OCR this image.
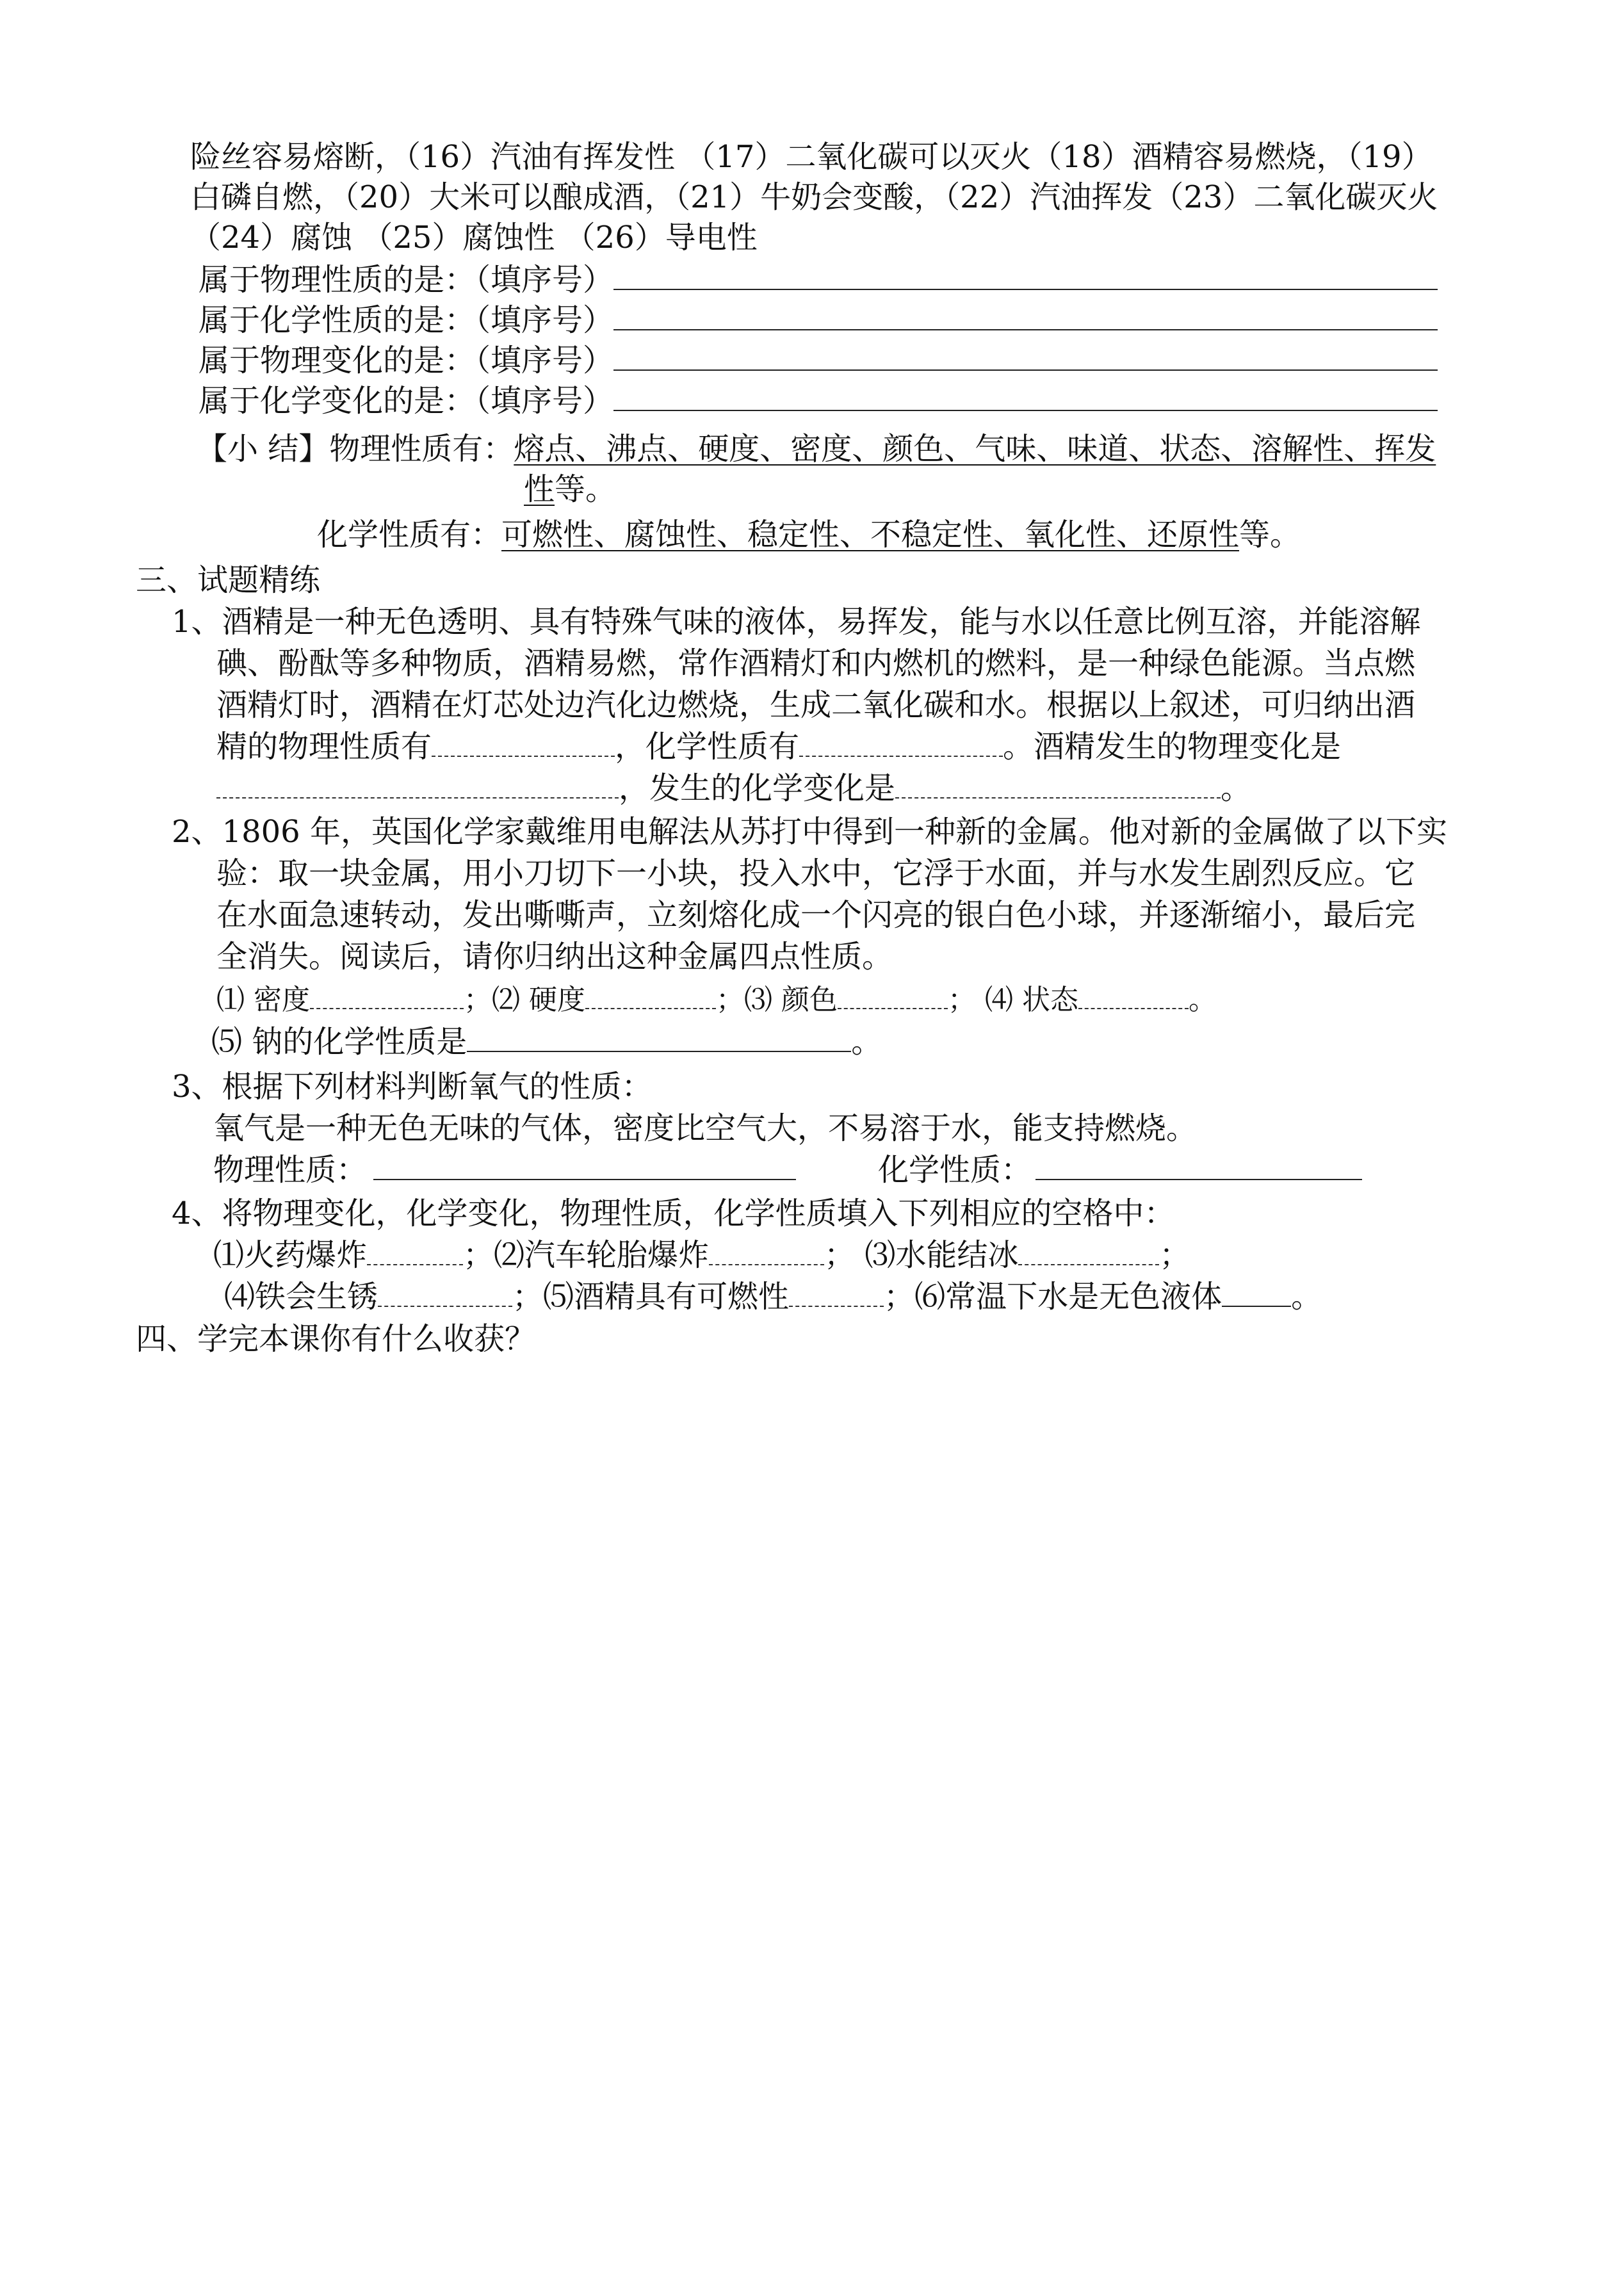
险丝容易熔断，（16）汽油有挥发性 （17）二氧化碳可以灭火（18）酒精容易燃烧，（19）
白磷自燃，（20）大米可以酿成酒，（21）牛奶会变酸，（22）汽油挥发（23）二氧化碳灭火
（24）腐蚀 （25）腐蚀性 （26）导电性
属于物理性质的是：（填序号）
属于化学性质的是：（填序号）
属于物理变化的是：（填序号）
属于化学变化的是：（填序号）
【小 结】物理性质有：熔点、沸点、硬度、密度、颜色、气味、味道、状态、溶解性、挥发
性等。
化学性质有：可燃性、腐蚀性、稳定性、不稳定性、氧化性、还原性等。
三、试题精练
1、酒精是一种无色透明、具有特殊气味的液体，易挥发，能与水以任意比例互溶，并能溶解
碘、酚酞等多种物质，酒精易燃，常作酒精灯和内燃机的燃料，是一种绿色能源。当点燃
酒精灯时，酒精在灯芯处边汽化边燃烧，生成二氧化碳和水。根据以上叙述，可归纳出酒
精的物理性质有	，化学性质有	。酒精发生的物理变化是
，发生的化学变化是	。
2、1806 年，英国化学家戴维用电解法从苏打中得到一种新的金属。他对新的金属做了以下实
验：取一块金属，用小刀切下一小块，投入水中，它浮于水面，并与水发生剧烈反应。它
在水面急速转动，发出嘶嘶声，立刻熔化成一个闪亮的银白色小球，并逐渐缩小，最后完
全消失。阅读后，请你归纳出这种金属四点性质。
⑴ 密度	；⑵ 硬度	；⑶ 颜色	； ⑷ 状态	。
⑸ 钠的化学性质是	。
3、根据下列材料判断氧气的性质：
氧气是一种无色无味的气体，密度比空气大，不易溶于水，能支持燃烧。
物理性质：	化学性质：
4、将物理变化，化学变化，物理性质，化学性质填入下列相应的空格中：
⑴火药爆炸	；⑵汽车轮胎爆炸	； ⑶水能结冰	；
⑷铁会生锈	；⑸酒精具有可燃性	；⑹常温下水是无色液体 。
四、学完本课你有什么收获？
